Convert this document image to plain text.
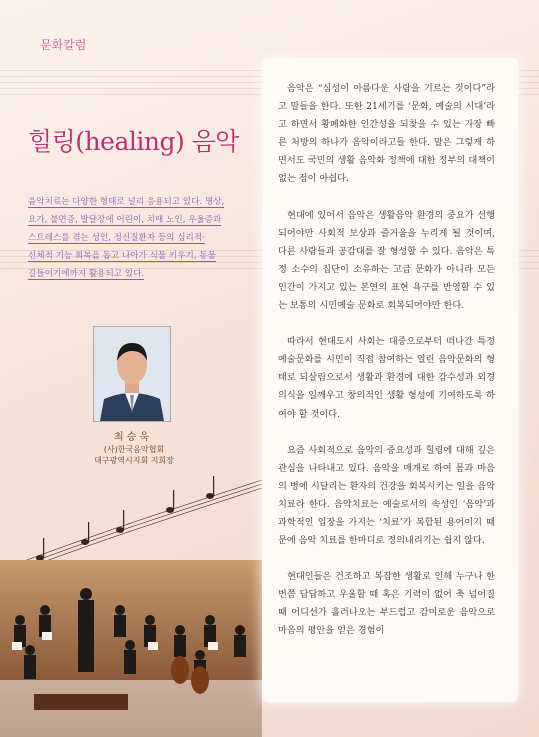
문화칼럼
힐링(healing) 음악
음악치료는 다양한 형태로 널리 응용되고 있다. 명상,
요가, 불면증, 발달장애 어린이, 치매 노인, 우울증과
스트레스를 겪는 성인, 정신질환자 등의 심리적·
신체적 기능 회복을 돕고 나아가 식물 키우기, 동물
길들이기에까지 활용되고 있다.
최승욱
(사)한국음악협회
대구광역시지회 지회장

음악은 “심성이 아름다운 사람을 기르는 것이다”라고 말들을 한다. 또한 21세기를 ‘문화, 예술의 시대’라고 하면서 황폐화한 인간성을 되찾을 수 있는 가장 빠른 처방의 하나가 음악이라고들 한다. 말은 그렇게 하면서도 국민의 생활 음악화 정책에 대한 정부의 대책이 없는 점이 아쉽다.

현대에 있어서 음악은 생활음악 환경의 중요가 선행되어야만 사회적 보상과 즐거움을 누리게 될 것이며, 다른 사람들과 공감대를 잘 형성할 수 있다. 음악은 특정 소수의 집단이 소유하는 고급 문화가 아니라 모든 인간이 가지고 있는 본연의 표현 욕구를 반영할 수 있는 보통의 시민예술 문화로 회복되어야만 한다.

따라서 현대도시 사회는 대중으로부터 떠나간 특정 예술문화를 시민이 직접 참여하는 열린 음악문화의 형태로 되살림으로서 생활과 환경에 대한 감수성과 외경 의식을 일깨우고 창의적인 생활 형성에 기여하도록 하여야 할 것이다.

요즘 사회적으로 음악의 중요성과 힐링에 대해 깊은 관심을 나타내고 있다. 음악을 매개로 하여 몸과 마음의 병에 시달리는 환자의 건강을 회복시키는 일을 음악치료라 한다. 음악치료는 예술로서의 속성인 ‘음악’과 과학적인 입장을 가지는 ‘치료’가 복합된 용어이기 때문에 음악 치료를 한마디로 정의내리기는 쉽지 않다.

현대인들은 건조하고 복잡한 생활로 인해 누구나 한번쯤 답답하고 우울할 때 혹은 기력이 없어 축 넘어질 때 어디선가 흘러나오는 부드럽고 감미로운 음악으로 마음의 평안을 얻은 경험이
